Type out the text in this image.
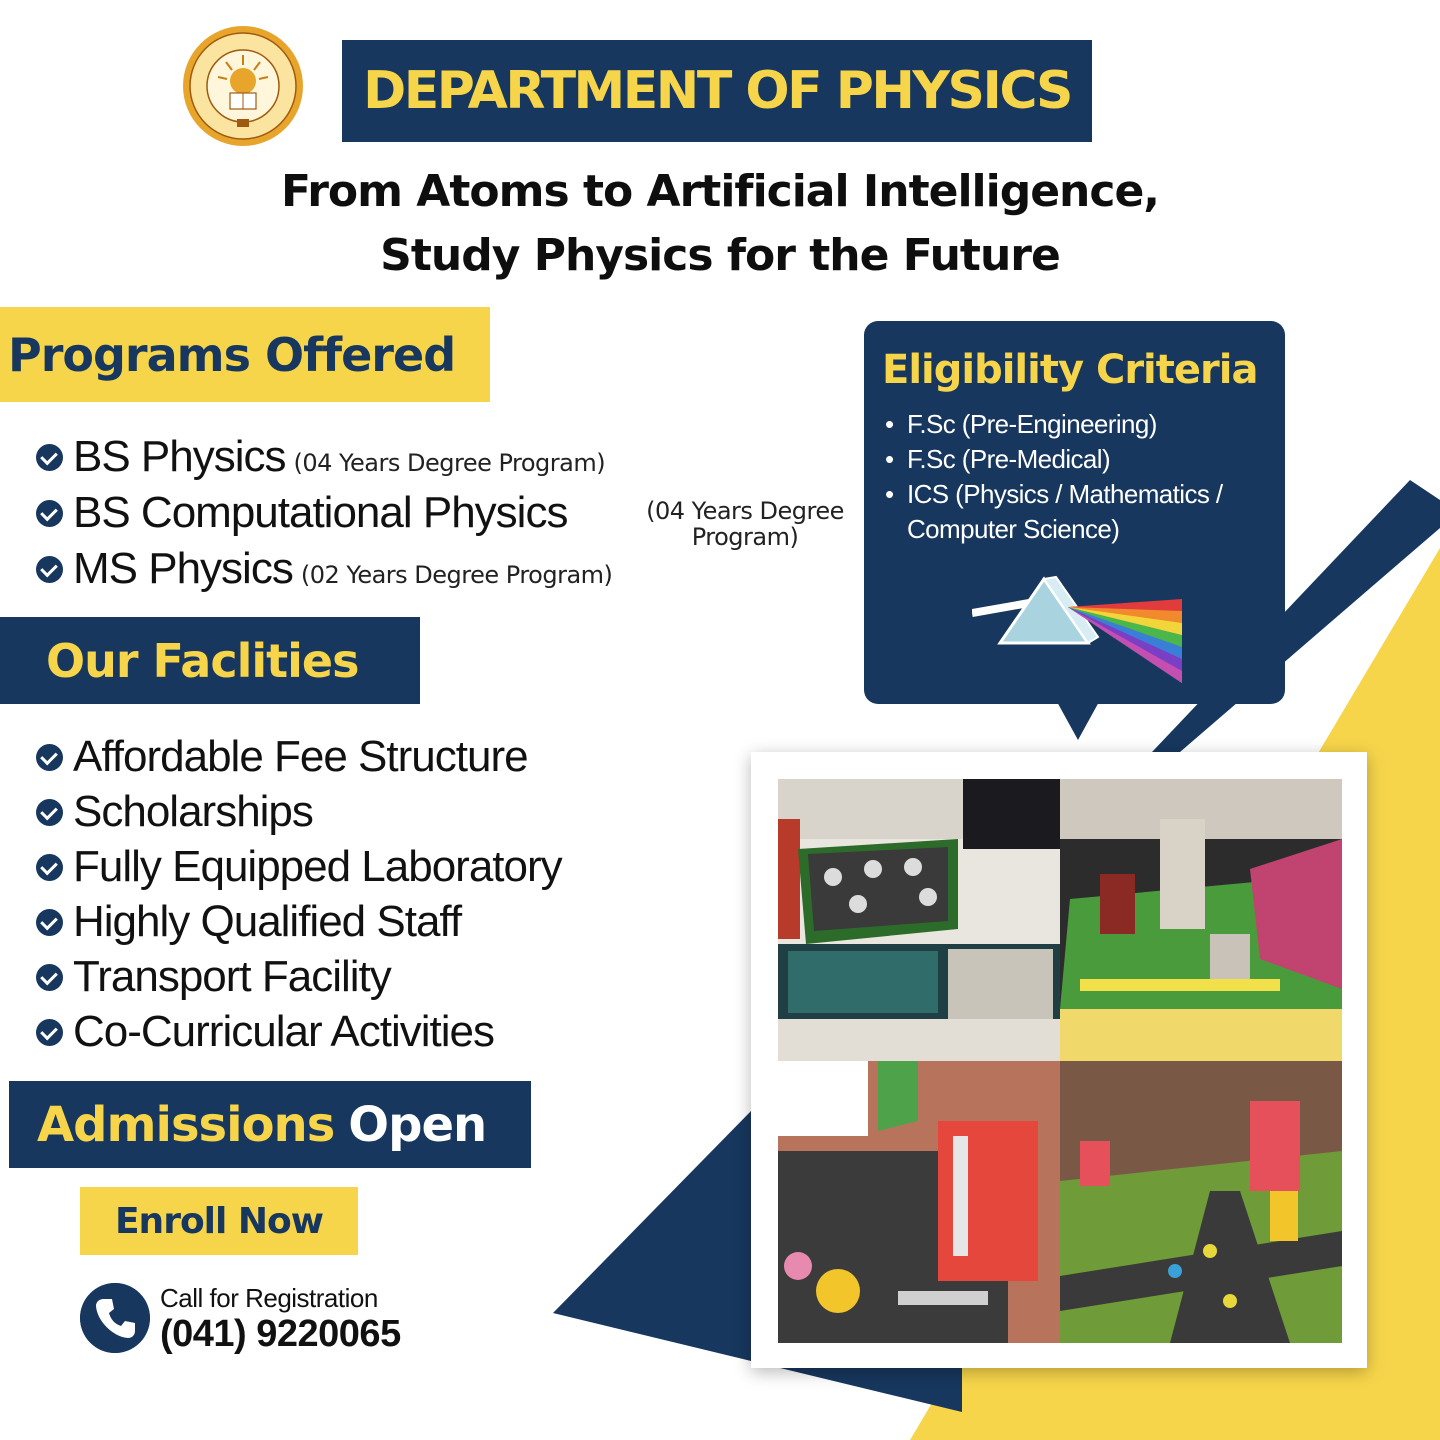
DEPARTMENT OF PHYSICS
From Atoms to Artificial Intelligence,
Study Physics for the Future
Programs Offered
BS Physics (04 Years Degree Program)
BS Computational Physics	(04 Years Degree Program)
MS Physics (02 Years Degree Program)
Our Faclities
Affordable Fee Structure
Scholarships
Fully Equipped Laboratory
Highly Qualified Staff
Transport Facility
Co-Curricular Activities
Admissions Open
Enroll Now
Call for Registration
(041) 9220065
Eligibility Criteria
• F.Sc (Pre-Engineering)
• F.Sc (Pre-Medical)
• ICS (Physics / Mathematics / Computer Science)
